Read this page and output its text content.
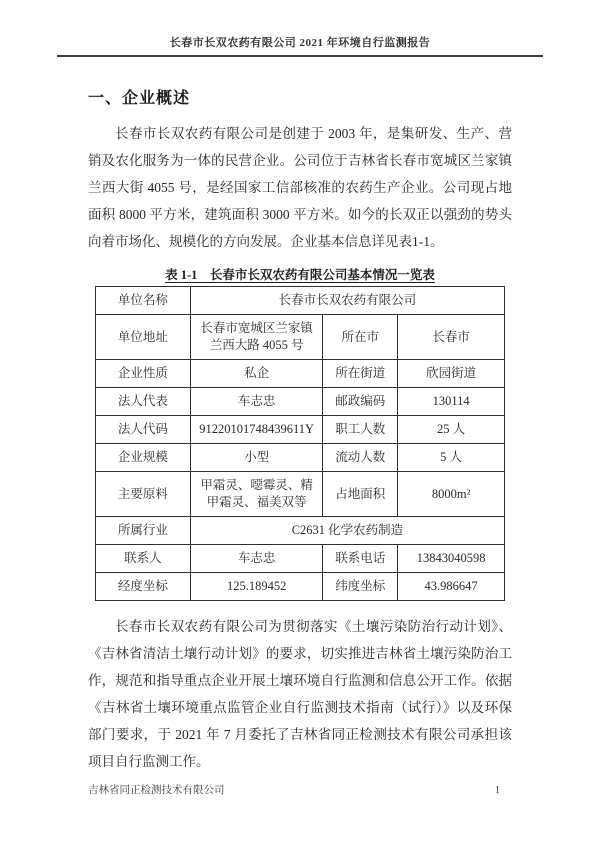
长春市长双农药有限公司 2021 年环境自行监测报告
一、企业概述
长春市长双农药有限公司是创建于 2003 年，是集研发、生产、营销及农化服务为一体的民营企业。公司位于吉林省长春市宽城区兰家镇兰西大街 4055 号，是经国家工信部核准的农药生产企业。公司现占地面积 8000 平方米，建筑面积 3000 平方米。如今的长双正以强劲的势头向着市场化、规模化的方向发展。企业基本信息详见表1-1。
表 1-1　长春市长双农药有限公司基本情况一览表
单位名称	长春市长双农药有限公司		
单位地址	长春市宽城区兰家镇兰西大路 4055 号	所在市	长春市
企业性质	私企	所在街道	欣园街道
法人代表	车志忠	邮政编码	130114
法人代码	91220101748439611Y	职工人数	25 人
企业规模	小型	流动人数	5 人
主要原料	甲霜灵、噁霉灵、精甲霜灵、福美双等	占地面积	8000m²
所属行业	C2631 化学农药制造		
联系人	车志忠	联系电话	13843040598
经度坐标	125.189452	纬度坐标	43.986647
长春市长双农药有限公司为贯彻落实《土壤污染防治行动计划》、《吉林省清洁土壤行动计划》的要求，切实推进吉林省土壤污染防治工作，规范和指导重点企业开展土壤环境自行监测和信息公开工作。依据《吉林省土壤环境重点监管企业自行监测技术指南（试行）》以及环保部门要求，于 2021 年 7 月委托了吉林省同正检测技术有限公司承担该项目自行监测工作。
吉林省同正检测技术有限公司	1
